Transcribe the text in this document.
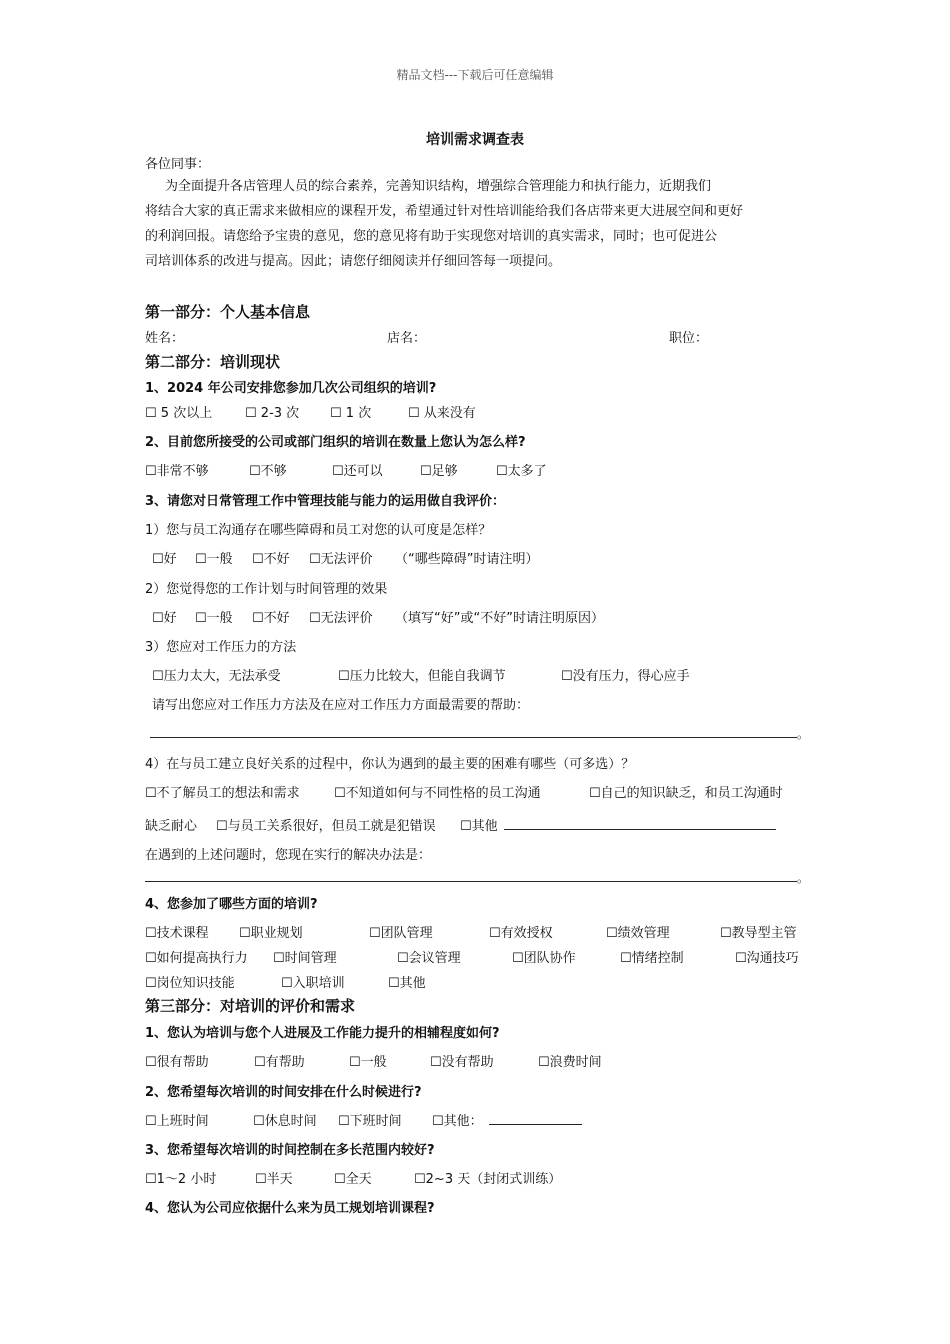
精品文档---下载后可任意编辑
培训需求调查表
各位同事：
为全面提升各店管理人员的综合素养，完善知识结构，增强综合管理能力和执行能力，近期我们
将结合大家的真正需求来做相应的课程开发，希望通过针对性培训能给我们各店带来更大进展空间和更好
的利润回报。请您给予宝贵的意见，您的意见将有助于实现您对培训的真实需求，同时；也可促进公
司培训体系的改进与提高。因此；请您仔细阅读并仔细回答每一项提问。
第一部分：个人基本信息
姓名：	店名：	职位：
第二部分：培训现状
1、2024 年公司安排您参加几次公司组织的培训?
☐ 5 次以上	☐ 2-3 次 ☐ 1 次	☐ 从来没有
2、目前您所接受的公司或部门组织的培训在数量上您认为怎么样?
☐非常不够	☐不够	☐还可以	☐足够	☐太多了
3、请您对日常管理工作中管理技能与能力的运用做自我评价：
1）您与员工沟通存在哪些障碍和员工对您的认可度是怎样？
☐好 ☐一般 ☐不好 ☐无法评价 （“哪些障碍”时请注明）
2）您觉得您的工作计划与时间管理的效果
☐好 ☐一般 ☐不好 ☐无法评价 （填写“好”或“不好”时请注明原因）
3）您应对工作压力的方法
☐压力太大，无法承受	☐压力比较大，但能自我调节	☐没有压力，得心应手
请写出您应对工作压力方法及在应对工作压力方面最需要的帮助：
。
4）在与员工建立良好关系的过程中，你认为遇到的最主要的困难有哪些（可多选）？
☐不了解员工的想法和需求	☐不知道如何与不同性格的员工沟通	☐自己的知识缺乏，和员工沟通时
缺乏耐心 ☐与员工关系很好，但员工就是犯错误 ☐其他
在遇到的上述问题时，您现在实行的解决办法是：
。
4、您参加了哪些方面的培训?
☐技术课程 ☐职业规划	☐团队管理	☐有效授权	☐绩效管理	☐教导型主管
☐如何提高执行力 ☐时间管理	☐会议管理	☐团队协作	☐情绪控制	☐沟通技巧
☐岗位知识技能	☐入职培训	☐其他
第三部分：对培训的评价和需求
1、您认为培训与您个人进展及工作能力提升的相辅程度如何?
☐很有帮助	☐有帮助	☐一般	☐没有帮助	☐浪费时间
2、您希望每次培训的时间安排在什么时候进行?
☐上班时间	☐休息时间 ☐下班时间 ☐其他：
3、您希望每次培训的时间控制在多长范围内较好?
☐1～2 小时	☐半天	☐全天	☐2~3 天（封闭式训练）
4、您认为公司应依据什么来为员工规划培训课程?
